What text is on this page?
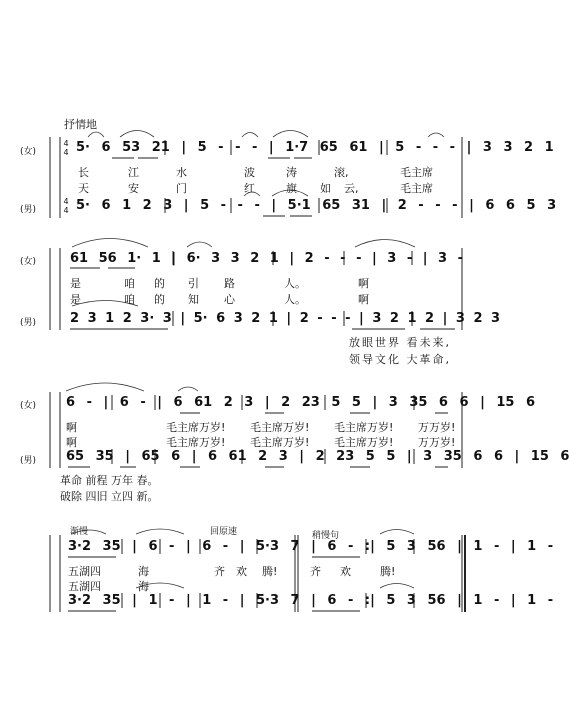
抒情地
(女)
(男)
4
4
4
4
5· 6 53 21 | 5 - - - | 1·7 65 61 | 5 - - - | 3 3 2 1
5· 6 1 2 3 | 5 - - - | 5·1 65 31 | 2 - - - | 6 6 5 3
长	江	水	波	涛	滚,	毛主席
天	安	门	红	旗 如 云,	毛主席
(女)
(男)
61 56 1· 1 | 6· 3 3 2 1 | 2 - - - | 3 - | 3 -
2 3 1 2 3· 3 | 5· 6 3 2 1 | 2 - - - | 3 2 1 2 | 3 2 3
是	咱 的 引 路	人。	啊
是	咱 的 知 心	人。	啊
放眼世界 看未来,
领导文化 大革命,
(女)
(男)
6 - | 6 - | 6 61 2 3 | 2 23 5 5 | 3 35 6 6 | 15 6
65 35 | 65 6 | 6 61 2 3 | 2 23 5 5 | 3 35 6 6 | 15 6
啊	毛主席万岁! 毛主席万岁! 毛主席万岁! 万万岁!
啊	毛主席万岁! 毛主席万岁! 毛主席万岁! 万万岁!
革命 前程 万年 春。
破除 四旧 立四 新。
渐慢	回原速	稍慢句
3·2 35 | 6 - | 6 - | 5·3 7 | 6 - :| 5 3 56 | 1 - | 1 -
3·2 35 | 1 - | 1 - | 5·3 7 | 6 - :| 5 3 56 | 1 - | 1 -
五湖四	海	齐 欢 腾!	齐 欢	腾!
五湖四	海
